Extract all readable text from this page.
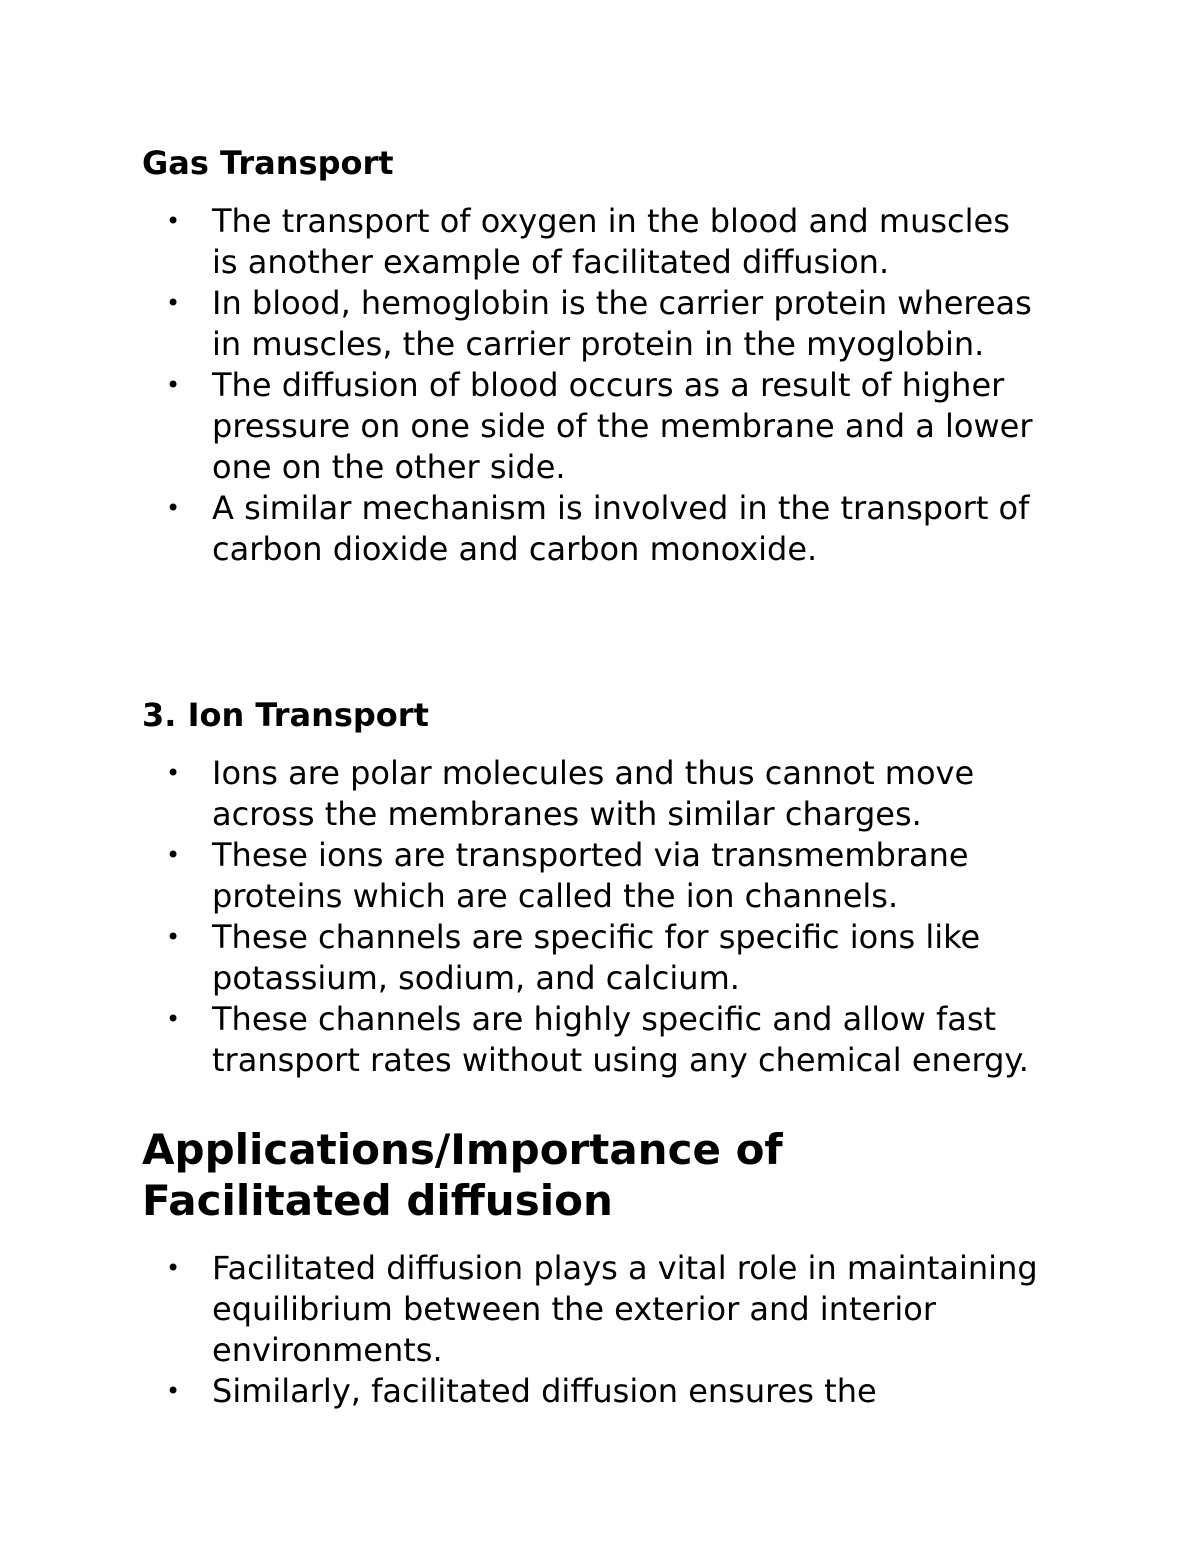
Gas Transport
• The transport of oxygen in the blood and muscles is another example of facilitated diffusion.
• In blood, hemoglobin is the carrier protein whereas in muscles, the carrier protein in the myoglobin.
• The diffusion of blood occurs as a result of higher pressure on one side of the membrane and a lower one on the other side.
• A similar mechanism is involved in the transport of carbon dioxide and carbon monoxide.
3. Ion Transport
• Ions are polar molecules and thus cannot move across the membranes with similar charges.
• These ions are transported via transmembrane proteins which are called the ion channels.
• These channels are specific for specific ions like potassium, sodium, and calcium.
• These channels are highly specific and allow fast transport rates without using any chemical energy.
Applications/Importance of
Facilitated diffusion
• Facilitated diffusion plays a vital role in maintaining equilibrium between the exterior and interior environments.
• Similarly, facilitated diffusion ensures the
